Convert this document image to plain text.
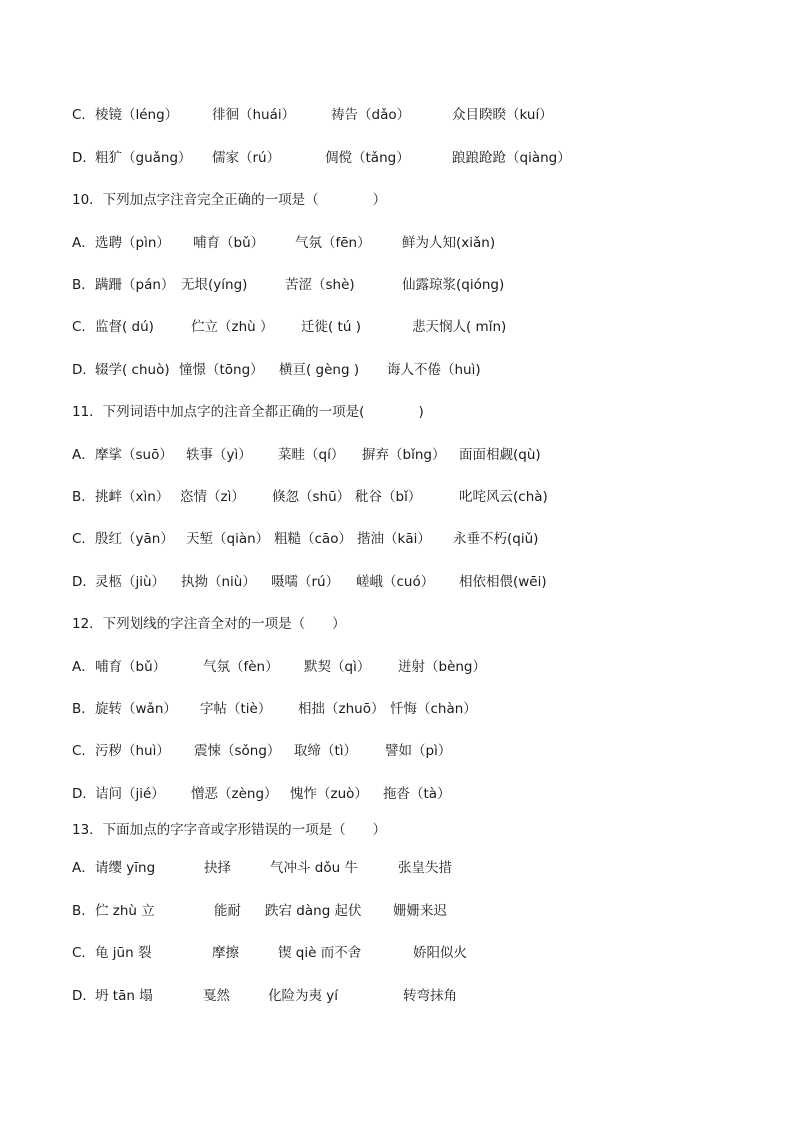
C． 棱镜（léng）	徘徊（huái）	祷告（dǎo）	众目睽睽（kuí）
D． 粗犷（guǎng） 儒家（rú）	倜傥（tǎng）	踉踉跄跄（qiàng）
10．下列加点字注音完全正确的一项是（　　　　）
A． 选聘（pìn） 哺育（bǔ） 气氛（fēn） 鲜为人知(xiǎn)
B． 蹒跚（pán） 无垠(yíng)	苦涩（shè)	仙露琼浆(qióng)
C． 监督( dú)	伫立（zhù ） 迁徙( tú )	悲天悯人( mǐn)
D． 辍学( chuò) 憧憬（tōng） 横亘( gèng ) 诲人不倦（huì)
11．下列词语中加点字的注音全都正确的一项是(　　　　)
A． 摩挲（suō） 轶事（yì） 菜畦（qí） 摒弃（bǐng） 面面相觑(qù)
B． 挑衅（xìn） 恣情（zì） 倏忽（shū） 秕谷（bǐ）	叱咤风云(chà)
C． 殷红（yān） 天堑（qiàn） 粗糙（cāo） 揩油（kāi） 永垂不朽(qiǔ)
D． 灵柩（jiù） 执拗（niù） 嗫嚅（rú） 嵯峨（cuó） 相依相偎(wēi)
12．下列划线的字注音全对的一项是（　　）
A． 哺育（bǔ）	气氛（fèn） 默契（qì） 迸射（bèng）
B． 旋转（wǎn） 字帖（tiè） 相拙（zhuō） 忏悔（chàn）
C． 污秽（huì） 震悚（sǒng） 取缔（tì） 譬如（pì）
D． 诘问（jié） 憎恶（zèng） 愧怍（zuò） 拖沓（tà）
13．下面加点的字字音或字形错误的一项是（　　）
A． 请缨 yīng	抉择	气冲斗 dǒu 牛	张皇失措
B． 伫 zhù 立	能耐 跌宕 dàng 起伏 姗姗来迟
C． 龟 jūn 裂	摩擦	锲 qiè 而不舍	娇阳似火
D． 坍 tān 塌	戛然	化险为夷 yí	转弯抹角
